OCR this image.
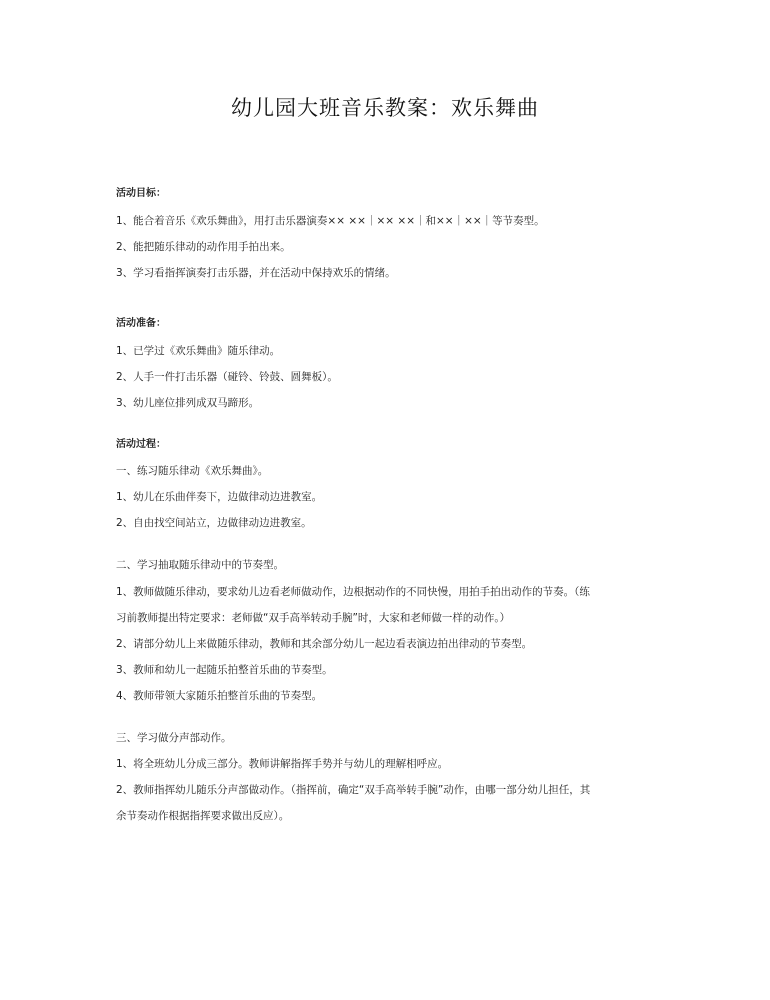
幼儿园大班音乐教案：欢乐舞曲
活动目标：
1、能合着音乐《欢乐舞曲》，用打击乐器演奏×× ××｜×× ××｜和××｜××｜等节奏型。
2、能把随乐律动的动作用手拍出来。
3、学习看指挥演奏打击乐器，并在活动中保持欢乐的情绪。
活动准备：
1、已学过《欢乐舞曲》随乐律动。
2、人手一件打击乐器（碰铃、铃鼓、圆舞板）。
3、幼儿座位排列成双马蹄形。
活动过程：
一、练习随乐律动《欢乐舞曲》。
1、幼儿在乐曲伴奏下，边做律动边进教室。
2、自由找空间站立，边做律动边进教室。
二、学习抽取随乐律动中的节奏型。
1、教师做随乐律动，要求幼儿边看老师做动作，边根据动作的不同快慢，用拍手拍出动作的节奏。（练
习前教师提出特定要求：老师做“双手高举转动手腕”时，大家和老师做一样的动作。）
2、请部分幼儿上来做随乐律动，教师和其余部分幼儿一起边看表演边拍出律动的节奏型。
3、教师和幼儿一起随乐拍整首乐曲的节奏型。
4、教师带领大家随乐拍整首乐曲的节奏型。
三、学习做分声部动作。
1、将全班幼儿分成三部分。教师讲解指挥手势并与幼儿的理解相呼应。
2、教师指挥幼儿随乐分声部做动作。（指挥前，确定“双手高举转手腕”动作，由哪一部分幼儿担任，其
余节奏动作根据指挥要求做出反应）。
